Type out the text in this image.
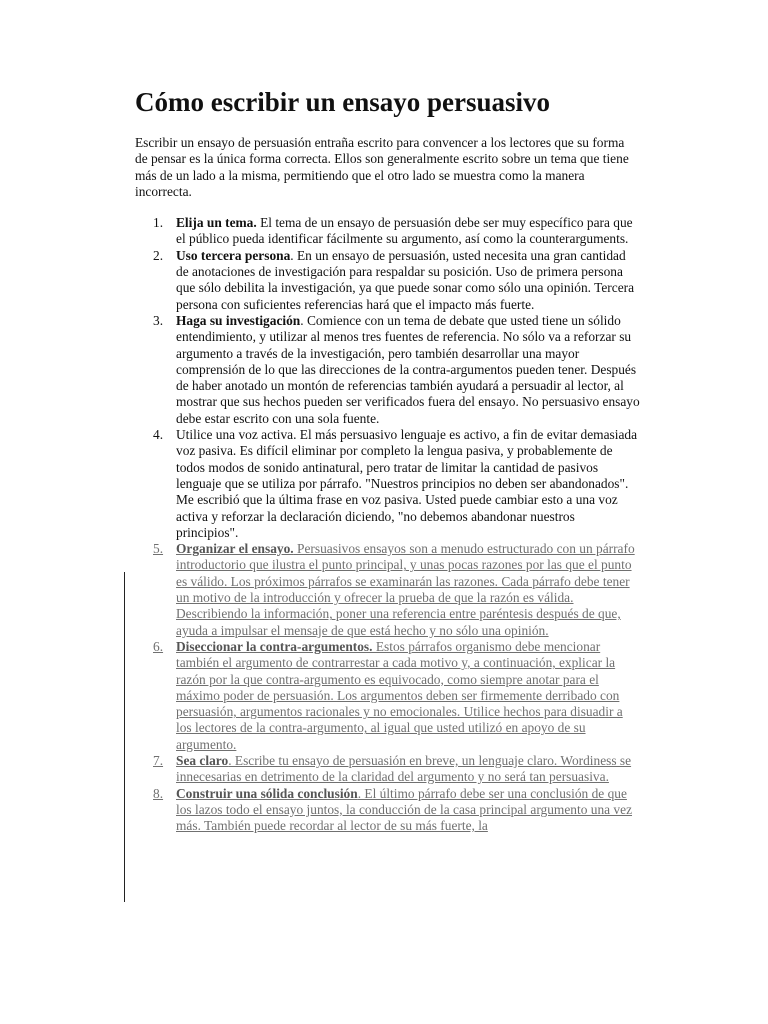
Cómo escribir un ensayo persuasivo

Escribir un ensayo de persuasión entraña escrito para convencer a los lectores que su forma de pensar es la única forma correcta. Ellos son generalmente escrito sobre un tema que tiene más de un lado a la misma, permitiendo que el otro lado se muestra como la manera incorrecta.

1. Elija un tema. El tema de un ensayo de persuasión debe ser muy específico para que el público pueda identificar fácilmente su argumento, así como la counterarguments.
2. Uso tercera persona. En un ensayo de persuasión, usted necesita una gran cantidad de anotaciones de investigación para respaldar su posición. Uso de primera persona que sólo debilita la investigación, ya que puede sonar como sólo una opinión. Tercera persona con suficientes referencias hará que el impacto más fuerte.
3. Haga su investigación. Comience con un tema de debate que usted tiene un sólido entendimiento, y utilizar al menos tres fuentes de referencia. No sólo va a reforzar su argumento a través de la investigación, pero también desarrollar una mayor comprensión de lo que las direcciones de la contra-argumentos pueden tener. Después de haber anotado un montón de referencias también ayudará a persuadir al lector, al mostrar que sus hechos pueden ser verificados fuera del ensayo. No persuasivo ensayo debe estar escrito con una sola fuente.
4. Utilice una voz activa. El más persuasivo lenguaje es activo, a fin de evitar demasiada voz pasiva. Es difícil eliminar por completo la lengua pasiva, y probablemente de todos modos de sonido antinatural, pero tratar de limitar la cantidad de pasivos lenguaje que se utiliza por párrafo. "Nuestros principios no deben ser abandonados". Me escribió que la última frase en voz pasiva. Usted puede cambiar esto a una voz activa y reforzar la declaración diciendo, "no debemos abandonar nuestros principios".
5. Organizar el ensayo. Persuasivos ensayos son a menudo estructurado con un párrafo introductorio que ilustra el punto principal, y unas pocas razones por las que el punto es válido. Los próximos párrafos se examinarán las razones. Cada párrafo debe tener un motivo de la introducción y ofrecer la prueba de que la razón es válida. Describiendo la información, poner una referencia entre paréntesis después de que, ayuda a impulsar el mensaje de que está hecho y no sólo una opinión.
6. Diseccionar la contra-argumentos. Estos párrafos organismo debe mencionar también el argumento de contrarrestar a cada motivo y, a continuación, explicar la razón por la que contra-argumento es equivocado, como siempre anotar para el máximo poder de persuasión. Los argumentos deben ser firmemente derribado con persuasión, argumentos racionales y no emocionales. Utilice hechos para disuadir a los lectores de la contra-argumento, al igual que usted utilizó en apoyo de su argumento.
7. Sea claro. Escribe tu ensayo de persuasión en breve, un lenguaje claro. Wordiness se innecesarias en detrimento de la claridad del argumento y no será tan persuasiva.
8. Construir una sólida conclusión. El último párrafo debe ser una conclusión de que los lazos todo el ensayo juntos, la conducción de la casa principal argumento una vez más. También puede recordar al lector de su más fuerte, la
